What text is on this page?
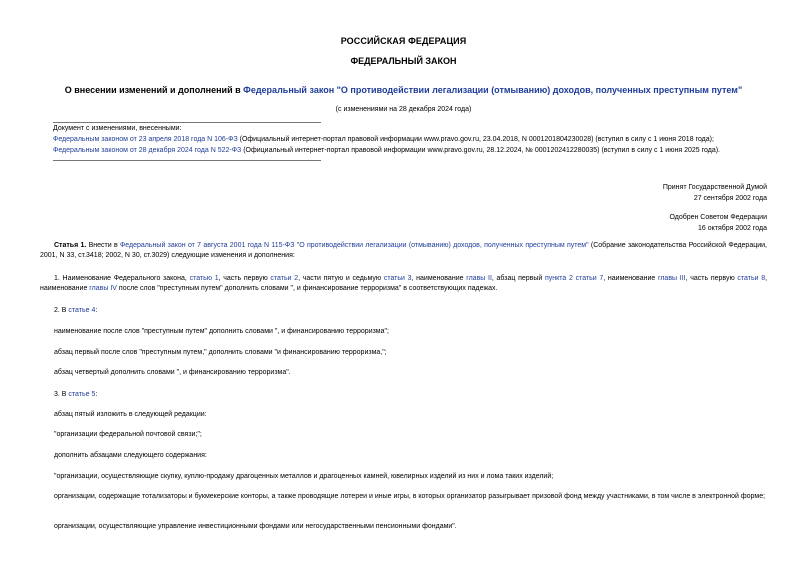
РОССИЙСКАЯ ФЕДЕРАЦИЯ
ФЕДЕРАЛЬНЫЙ ЗАКОН
О внесении изменений и дополнений в Федеральный закон "О противодействии легализации (отмыванию) доходов, полученных преступным путем"
(с изменениями на 28 декабря 2024 года)
Документ с изменениями, внесенными:
Федеральным законом от 23 апреля 2018 года N 106-ФЗ (Официальный интернет-портал правовой информации www.pravo.gov.ru, 23.04.2018, N 0001201804230028) (вступил в силу с 1 июня 2018 года);
Федеральным законом от 28 декабря 2024 года N 522-ФЗ (Официальный интернет-портал правовой информации www.pravo.gov.ru, 28.12.2024, № 0001202412280035) (вступил в силу с 1 июня 2025 года).
Принят Государственной Думой
27 сентября 2002 года
Одобрен Советом Федерации
16 октября 2002 года
Статья 1. Внести в Федеральный закон от 7 августа 2001 года N 115-ФЗ "О противодействии легализации (отмыванию) доходов, полученных преступным путем" (Собрание законодательства Российской Федерации, 2001, N 33, ст.3418; 2002, N 30, ст.3029) следующие изменения и дополнения:
1. Наименование Федерального закона, статью 1, часть первую статьи 2, части пятую и седьмую статьи 3, наименование главы II, абзац первый пункта 2 статьи 7, наименование главы III, часть первую статьи 8, наименование главы IV после слов "преступным путем" дополнить словами ", и финансирование терроризма" в соответствующих падежах.
2. В статье 4:
наименование после слов "преступным путем" дополнить словами ", и финансированию терроризма";
абзац первый после слов "преступным путем," дополнить словами "и финансированию терроризма,";
абзац четвертый дополнить словами ", и финансированию терроризма".
3. В статье 5:
абзац пятый изложить в следующей редакции:
"организации федеральной почтовой связи;";
дополнить абзацами следующего содержания:
"организации, осуществляющие скупку, куплю-продажу драгоценных металлов и драгоценных камней, ювелирных изделий из них и лома таких изделий;
организации, содержащие тотализаторы и букмекерские конторы, а также проводящие лотереи и иные игры, в которых организатор разыгрывает призовой фонд между участниками, в том числе в электронной форме;
организации, осуществляющие управление инвестиционными фондами или негосударственными пенсионными фондами".
